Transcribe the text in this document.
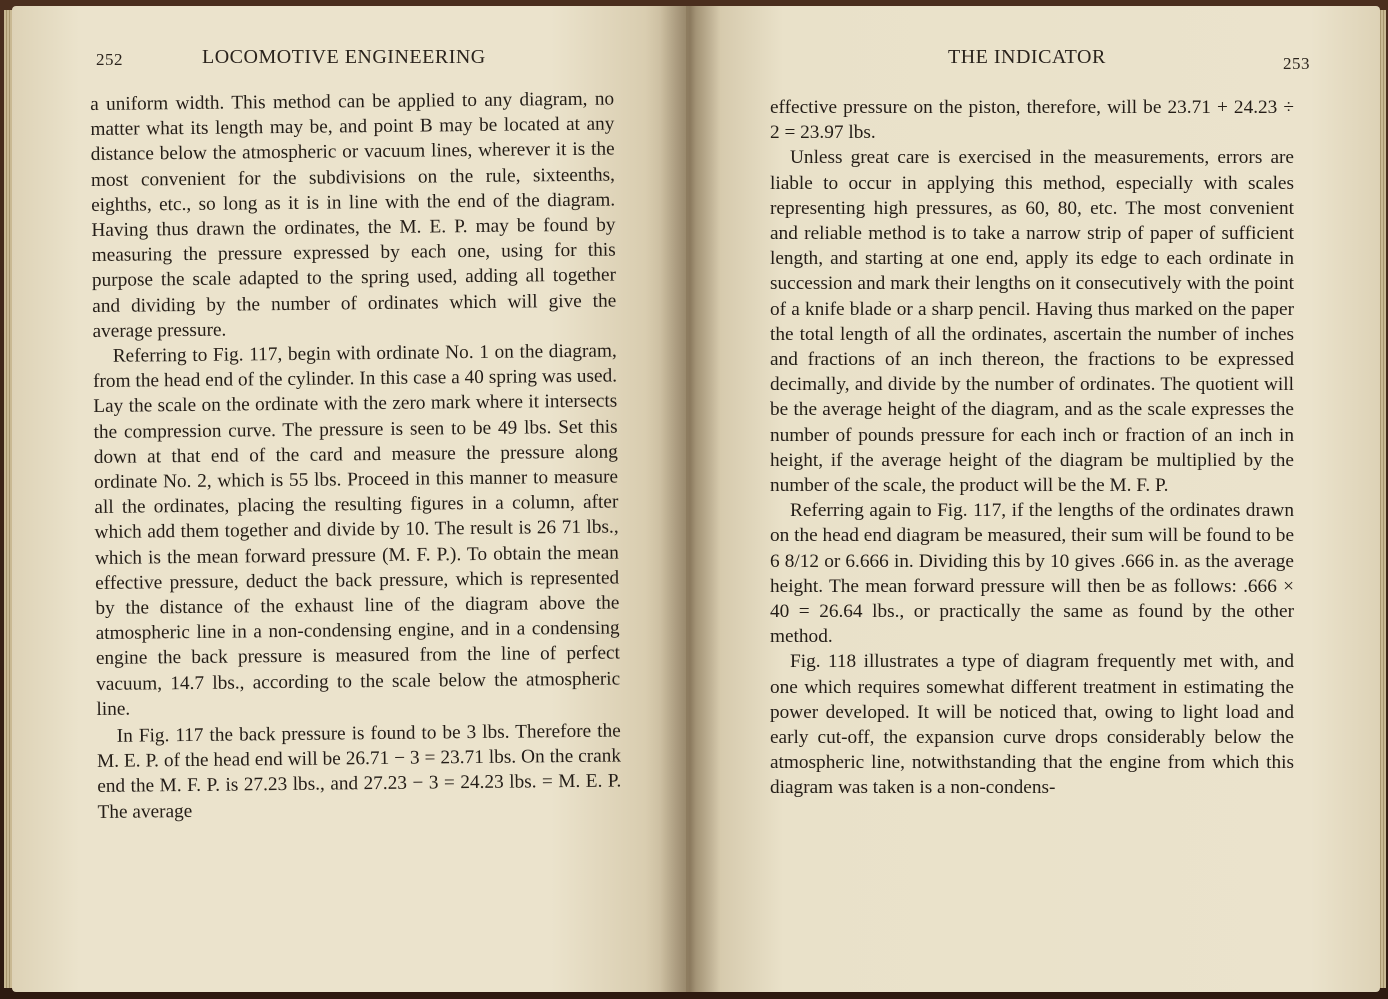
252	LOCOMOTIVE ENGINEERING

a uniform width. This method can be applied to any diagram, no matter what its length may be, and point B may be located at any distance below the atmospheric or vacuum lines, wherever it is the most convenient for the subdivisions on the rule, sixteenths, eighths, etc., so long as it is in line with the end of the diagram. Having thus drawn the ordinates, the M. E. P. may be found by measuring the pressure expressed by each one, using for this purpose the scale adapted to the spring used, adding all together and dividing by the number of ordinates which will give the average pressure.

Referring to Fig. 117, begin with ordinate No. 1 on the diagram, from the head end of the cylinder. In this case a 40 spring was used. Lay the scale on the ordinate with the zero mark where it intersects the compression curve. The pressure is seen to be 49 lbs. Set this down at that end of the card and measure the pressure along ordinate No. 2, which is 55 lbs. Proceed in this manner to measure all the ordinates, placing the resulting figures in a column, after which add them together and divide by 10. The result is 26 71 lbs., which is the mean forward pressure (M. F. P.). To obtain the mean effective pressure, deduct the back pressure, which is represented by the distance of the exhaust line of the diagram above the atmospheric line in a non-condensing engine, and in a condensing engine the back pressure is measured from the line of perfect vacuum, 14.7 lbs., according to the scale below the atmospheric line.

In Fig. 117 the back pressure is found to be 3 lbs. Therefore the M. E. P. of the head end will be 26.71 − 3 = 23.71 lbs. On the crank end the M. F. P. is 27.23 lbs., and 27.23 − 3 = 24.23 lbs. = M. E. P. The average

THE INDICATOR	253

effective pressure on the piston, therefore, will be 23.71 + 24.23 ÷ 2 = 23.97 lbs.

Unless great care is exercised in the measurements, errors are liable to occur in applying this method, especially with scales representing high pressures, as 60, 80, etc. The most convenient and reliable method is to take a narrow strip of paper of sufficient length, and starting at one end, apply its edge to each ordinate in succession and mark their lengths on it consecutively with the point of a knife blade or a sharp pencil. Having thus marked on the paper the total length of all the ordinates, ascertain the number of inches and fractions of an inch thereon, the fractions to be expressed decimally, and divide by the number of ordinates. The quotient will be the average height of the diagram, and as the scale expresses the number of pounds pressure for each inch or fraction of an inch in height, if the average height of the diagram be multiplied by the number of the scale, the product will be the M. F. P.

Referring again to Fig. 117, if the lengths of the ordinates drawn on the head end diagram be measured, their sum will be found to be 6 8/12 or 6.666 in. Dividing this by 10 gives .666 in. as the average height. The mean forward pressure will then be as follows: .666 × 40 = 26.64 lbs., or practically the same as found by the other method.

Fig. 118 illustrates a type of diagram frequently met with, and one which requires somewhat different treatment in estimating the power developed. It will be noticed that, owing to light load and early cut-off, the expansion curve drops considerably below the atmospheric line, notwithstanding that the engine from which this diagram was taken is a non-condens-
